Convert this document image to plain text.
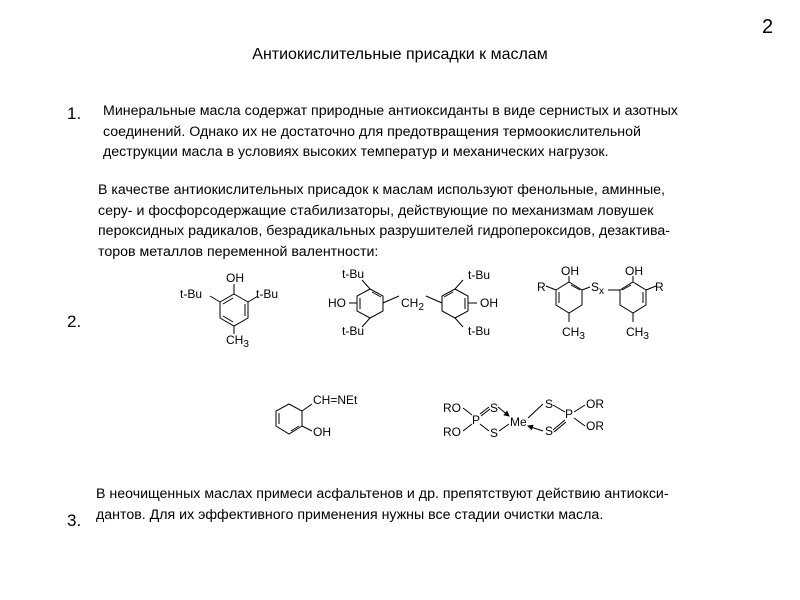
2
Антиокислительные присадки к маслам
1. Минеральные масла содержат природные антиоксиданты в виде сернистых и азотных
соединений. Однако их не достаточно для предотвращения термоокислительной
деструкции масла в условиях высоких температур и механических нагрузок.
В качестве антиокислительных присадок к маслам используют фенольные, аминные,
серу- и фосфорсодержащие стабилизаторы, действующие по механизмам ловушек
пероксидных радикалов, безрадикальных разрушителей гидропероксидов, дезактива-
торов металлов переменной валентности:
2.
В неочищенных маслах примеси асфальтенов и др. препятствуют действию антиокси-
дантов. Для их эффективного применения нужны все стадии очистки масла.
3.
OH
t-Bu	t-Bu
$CH_3$
t-Bu	t-Bu
HO	OH
$CH_2$
t-Bu	t-Bu
OH	OH
R	R
$S_x$
$CH_3$	$CH_3$
CH=NEt
OH
RO
RO
P
S
S
Me
S
S
P
OR
OR
